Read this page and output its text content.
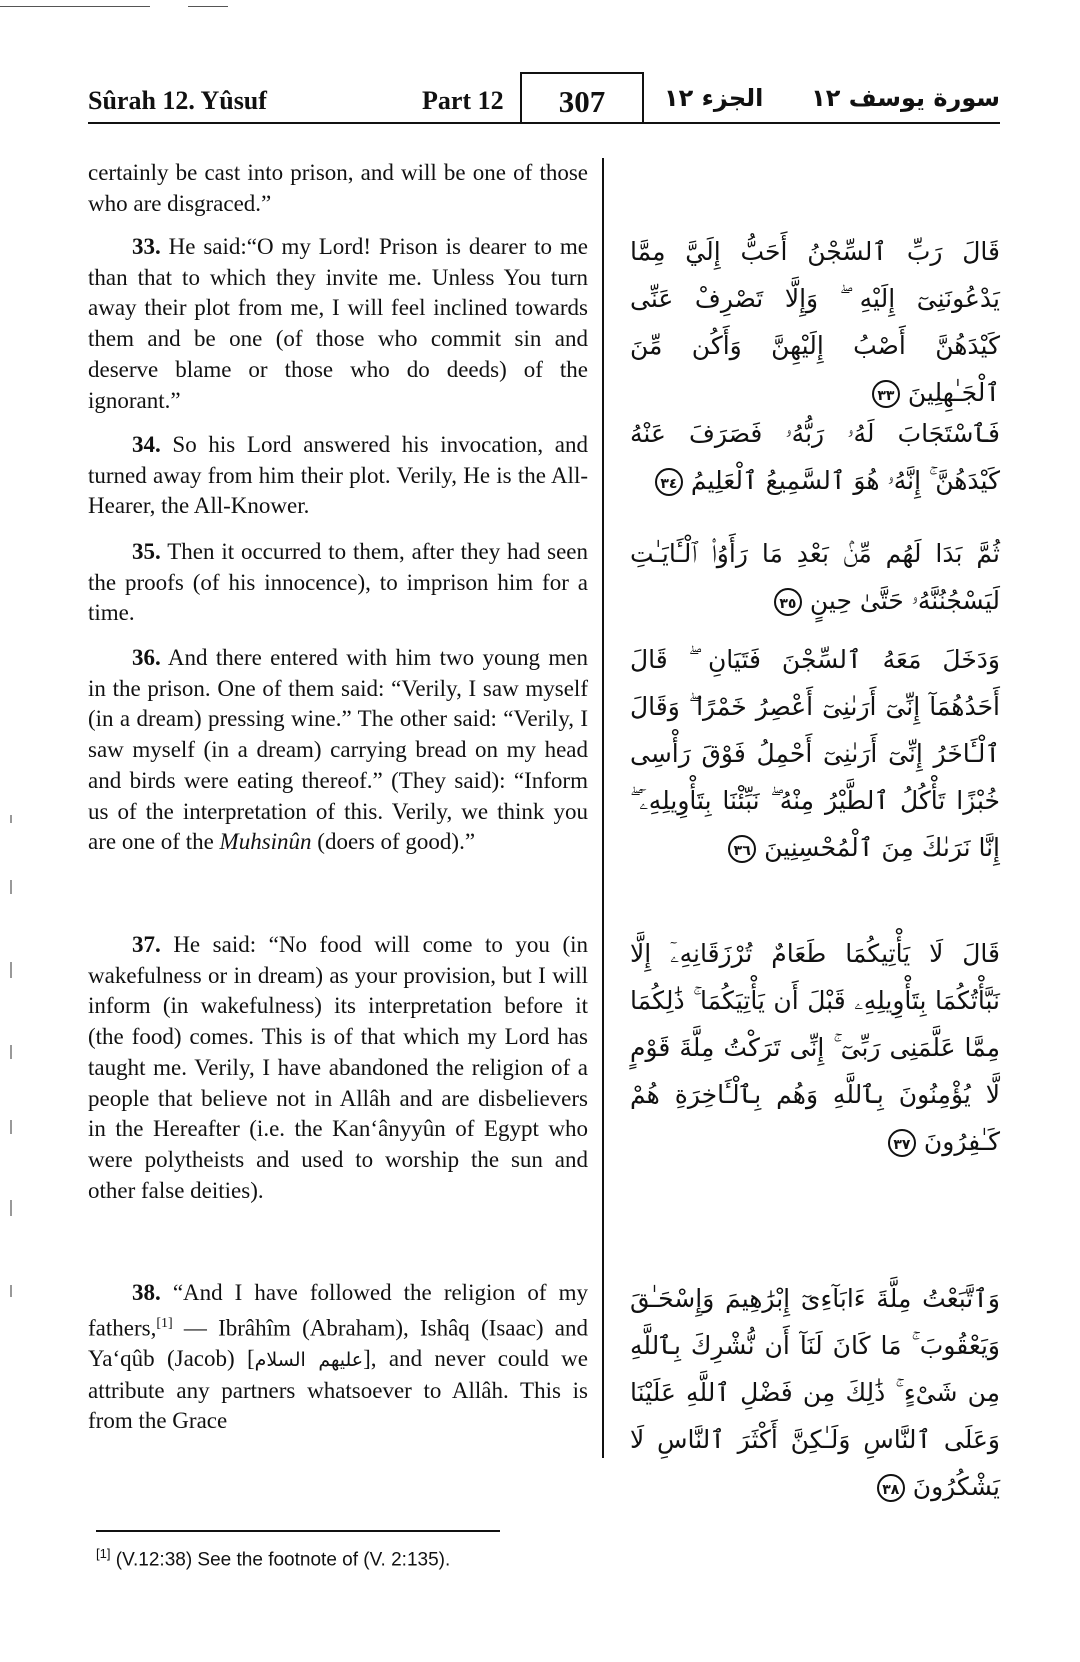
Sûrah 12. Yûsuf	Part 12	307	الجزء ١٢ سورة يوسف ١٢

certainly be cast into prison, and will be one of those who are disgraced.”

33. He said:“O my Lord! Prison is dearer to me than that to which they invite me. Unless You turn away their plot from me, I will feel inclined towards them and be one (of those who commit sin and deserve blame or those who do deeds) of the ignorant.”

34. So his Lord answered his invocation, and turned away from him their plot. Verily, He is the All-Hearer, the All-Knower.

35. Then it occurred to them, after they had seen the proofs (of his innocence), to imprison him for a time.

36. And there entered with him two young men in the prison. One of them said: “Verily, I saw myself (in a dream) pressing wine.” The other said: “Verily, I saw myself (in a dream) carrying bread on my head and birds were eating thereof.” (They said): “Inform us of the interpretation of this. Verily, we think you are one of the Muhsinûn (doers of good).”

37. He said: “No food will come to you (in wakefulness or in dream) as your provision, but I will inform (in wakefulness) its interpretation before it (the food) comes. This is of that which my Lord has taught me. Verily, I have abandoned the religion of a people that believe not in Allâh and are disbelievers in the Hereafter (i.e. the Kan‘ânyyûn of Egypt who were polytheists and used to worship the sun and other false deities).

38. “And I have followed the religion of my fathers,[1] — Ibrâhîm (Abraham), Ishâq (Isaac) and Ya‘qûb (Jacob) [عليهم السلام], and never could we attribute any partners whatsoever to Allâh. This is from the Grace

قَالَ رَبِّ ٱلسِّجْنُ أَحَبُّ إِلَيَّ مِمَّا يَدْعُونَنِىٓ إِلَيْهِ ۖ وَإِلَّا تَصْرِفْ عَنِّى كَيْدَهُنَّ أَصْبُ إِلَيْهِنَّ وَأَكُن مِّنَ ٱلْجَـٰهِلِينَ ٣٣
فَٱسْتَجَابَ لَهُۥ رَبُّهُۥ فَصَرَفَ عَنْهُ كَيْدَهُنَّ ۚ إِنَّهُۥ هُوَ ٱلسَّمِيعُ ٱلْعَلِيمُ ٣٤
ثُمَّ بَدَا لَهُم مِّنۢ بَعْدِ مَا رَأَوُا۟ ٱلْـَٔايَـٰتِ لَيَسْجُنُنَّهُۥ حَتَّىٰ حِينٍ ٣٥
وَدَخَلَ مَعَهُ ٱلسِّجْنَ فَتَيَانِ ۖ قَالَ أَحَدُهُمَآ إِنِّىٓ أَرَىٰنِىٓ أَعْصِرُ خَمْرًا ۖ وَقَالَ ٱلْـَٔاخَرُ إِنِّىٓ أَرَىٰنِىٓ أَحْمِلُ فَوْقَ رَأْسِى خُبْزًا تَأْكُلُ ٱلطَّيْرُ مِنْهُ ۖ نَبِّئْنَا بِتَأْوِيلِهِۦٓ ۖ إِنَّا نَرَىٰكَ مِنَ ٱلْمُحْسِنِينَ ٣٦
قَالَ لَا يَأْتِيكُمَا طَعَامٌ تُرْزَقَانِهِۦٓ إِلَّا نَبَّأْتُكُمَا بِتَأْوِيلِهِۦ قَبْلَ أَن يَأْتِيَكُمَا ۚ ذَٰلِكُمَا مِمَّا عَلَّمَنِى رَبِّىٓ ۚ إِنِّى تَرَكْتُ مِلَّةَ قَوْمٍ لَّا يُؤْمِنُونَ بِٱللَّهِ وَهُم بِٱلْـَٔاخِرَةِ هُمْ كَـٰفِرُونَ ٣٧
وَٱتَّبَعْتُ مِلَّةَ ءَابَآءِىٓ إِبْرَٰهِيمَ وَإِسْحَـٰقَ وَيَعْقُوبَ ۚ مَا كَانَ لَنَآ أَن نُّشْرِكَ بِٱللَّهِ مِن شَىْءٍ ۚ ذَٰلِكَ مِن فَضْلِ ٱللَّهِ عَلَيْنَا وَعَلَى ٱلنَّاسِ وَلَـٰكِنَّ أَكْثَرَ ٱلنَّاسِ لَا يَشْكُرُونَ ٣٨
[1] (V.12:38) See the footnote of (V. 2:135).
